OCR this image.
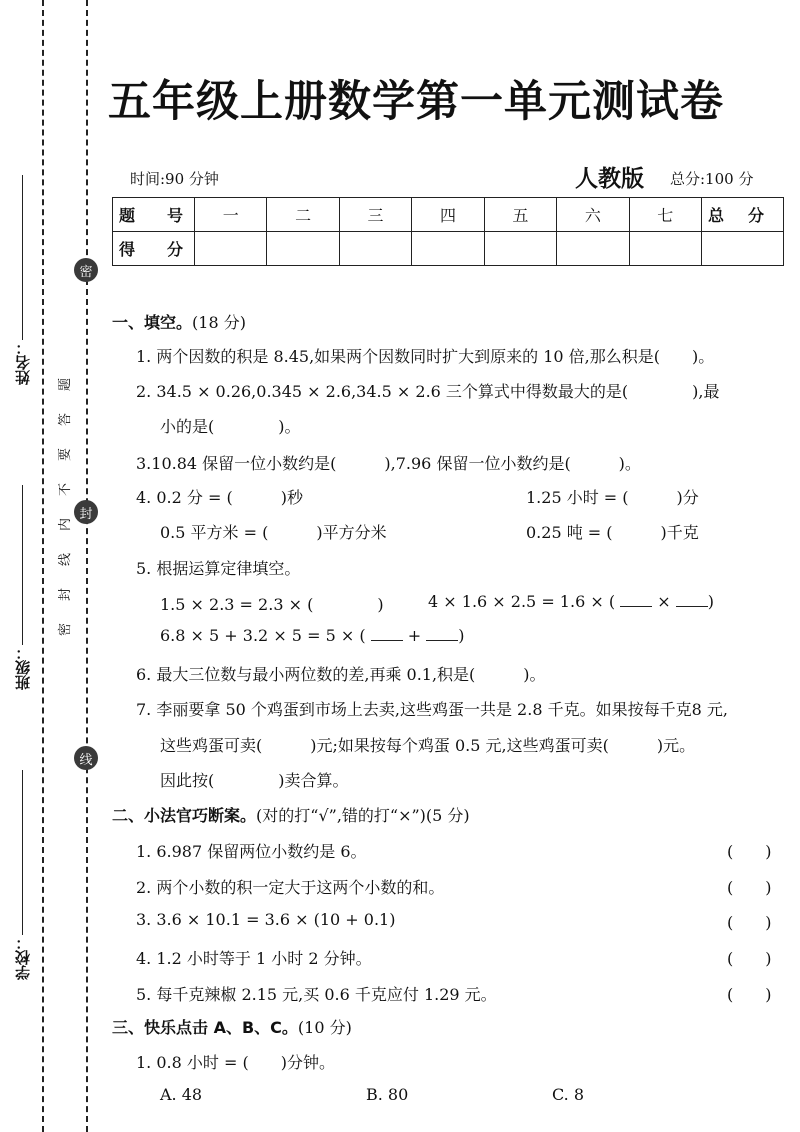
姓名：
班级：
学校：
密
封
线
题
答
要
不
内
线
封
密
五年级上册数学第一单元测试卷
时间:90 分钟	人教版 总分:100 分
题　号	一	二	三	四	五	六	七	总　分
得　分								
一、填空。(18 分)
1. 两个因数的积是 8.45,如果两个因数同时扩大到原来的 10 倍,那么积是(　　)。
2. 34.5 × 0.26,0.345 × 2.6,34.5 × 2.6 三个算式中得数最大的是(　　　　),最
小的是(　　　　)。
3.10.84 保留一位小数约是(　　　),7.96 保留一位小数约是(　　　)。
4. 0.2 分 = (　　　)秒	1.25 小时 = (　　　)分
0.5 平方米 = (　　　)平方分米	0.25 吨 = (　　　)千克
5. 根据运算定律填空。
1.5 × 2.3 = 2.3 × (　　　　)	4 × 1.6 × 2.5 = 1.6 × (	× )
6.8 × 5 + 3.2 × 5 = 5 × (	+ )
6. 最大三位数与最小两位数的差,再乘 0.1,积是(　　　)。
7. 李丽要拿 50 个鸡蛋到市场上去卖,这些鸡蛋一共是 2.8 千克。如果按每千克8 元,
这些鸡蛋可卖(　　　)元;如果按每个鸡蛋 0.5 元,这些鸡蛋可卖(　　　)元。
因此按(　　　　)卖合算。
二、小法官巧断案。(对的打“√”,错的打“×”)(5 分)
1. 6.987 保留两位小数约是 6。	(　　)
2. 两个小数的积一定大于这两个小数的和。	(　　)
3. 3.6 × 10.1 = 3.6 × (10 + 0.1)	(　　)
4. 1.2 小时等于 1 小时 2 分钟。	(　　)
5. 每千克辣椒 2.15 元,买 0.6 千克应付 1.29 元。	(　　)
三、快乐点击 A、B、C。(10 分)
1. 0.8 小时 = (　　)分钟。
A. 48	B. 80	C. 8
